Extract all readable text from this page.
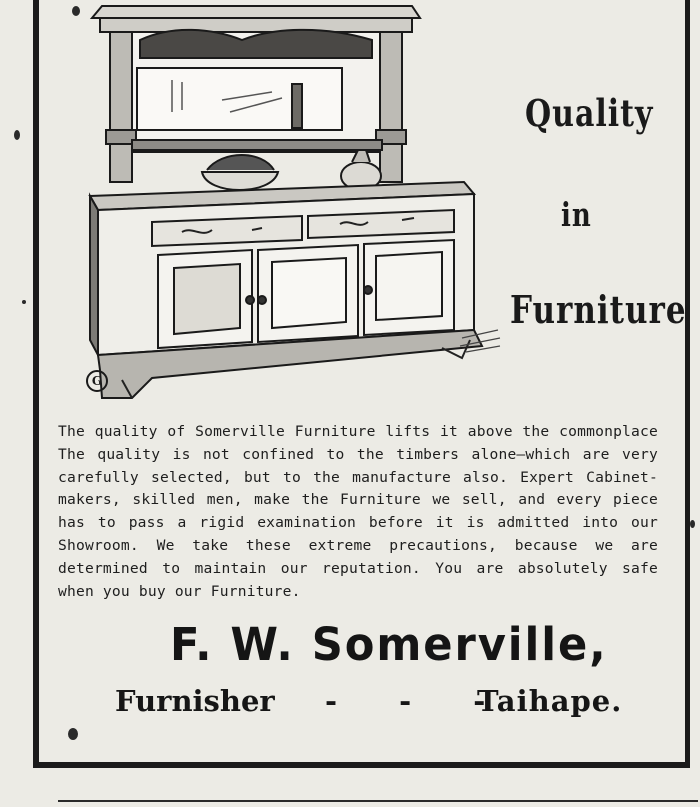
G
Quality
in
Furniture
The quality of Somerville Furniture lifts it above the commonplace
The quality is not confined to the timbers alone—which are very
carefully selected, but to the manufacture also. Expert Cabinet-
makers, skilled men, make the Furniture we sell, and every piece
has to pass a rigid examination before it is admitted into our
Showroom. We take these extreme precautions, because we are
determined to maintain our reputation. You are absolutely safe
when you buy our Furniture.
F. W. Somerville,
Furnisher - - -
Taihape.
